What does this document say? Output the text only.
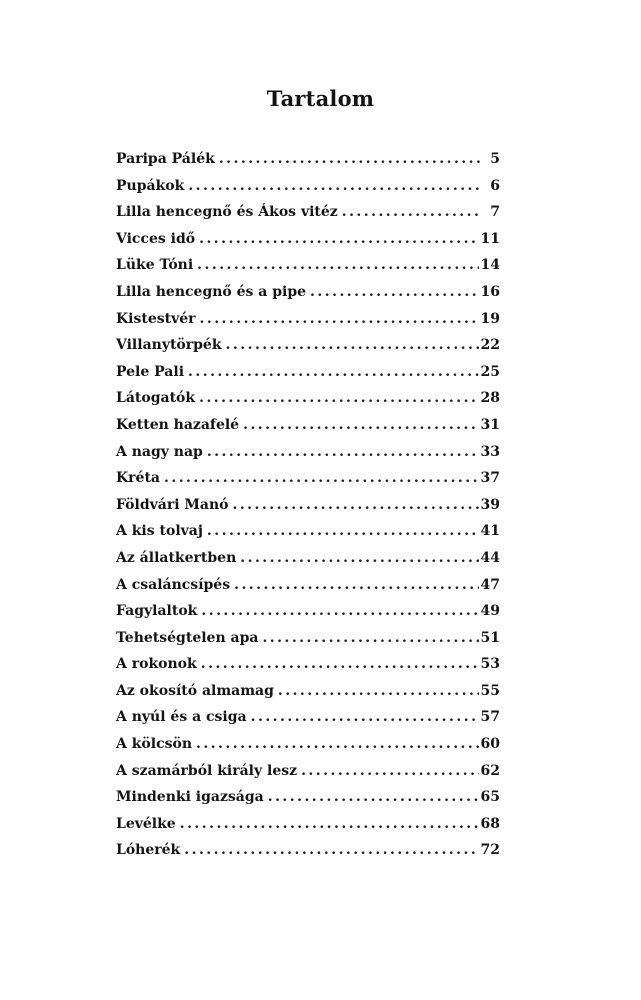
Tartalom
Paripa Pálék . . .	5
Pupákok . . .	6
Lilla hencegnő és Ákos vitéz . . .	7
Vicces idő . . .	11
Lüke Tóni . . .	14
Lilla hencegnő és a pipe . . .	16
Kistestvér . . .	19
Villanytörpék . . .	22
Pele Pali . . .	25
Látogatók . . .	28
Ketten hazafelé . . .	31
A nagy nap . . .	33
Kréta . . .	37
Földvári Manó . . .	39
A kis tolvaj . . .	41
Az állatkertben . . .	44
A csaláncsípés . . .	47
Fagylaltok . . .	49
Tehetségtelen apa . . .	51
A rokonok . . .	53
Az okosító almamag . . .	55
A nyúl és a csiga . . .	57
A kölcsön . . .	60
A szamárból király lesz . . .	62
Mindenki igazsága . . .	65
Levélke . . .	68
Lóherék . . .	72
